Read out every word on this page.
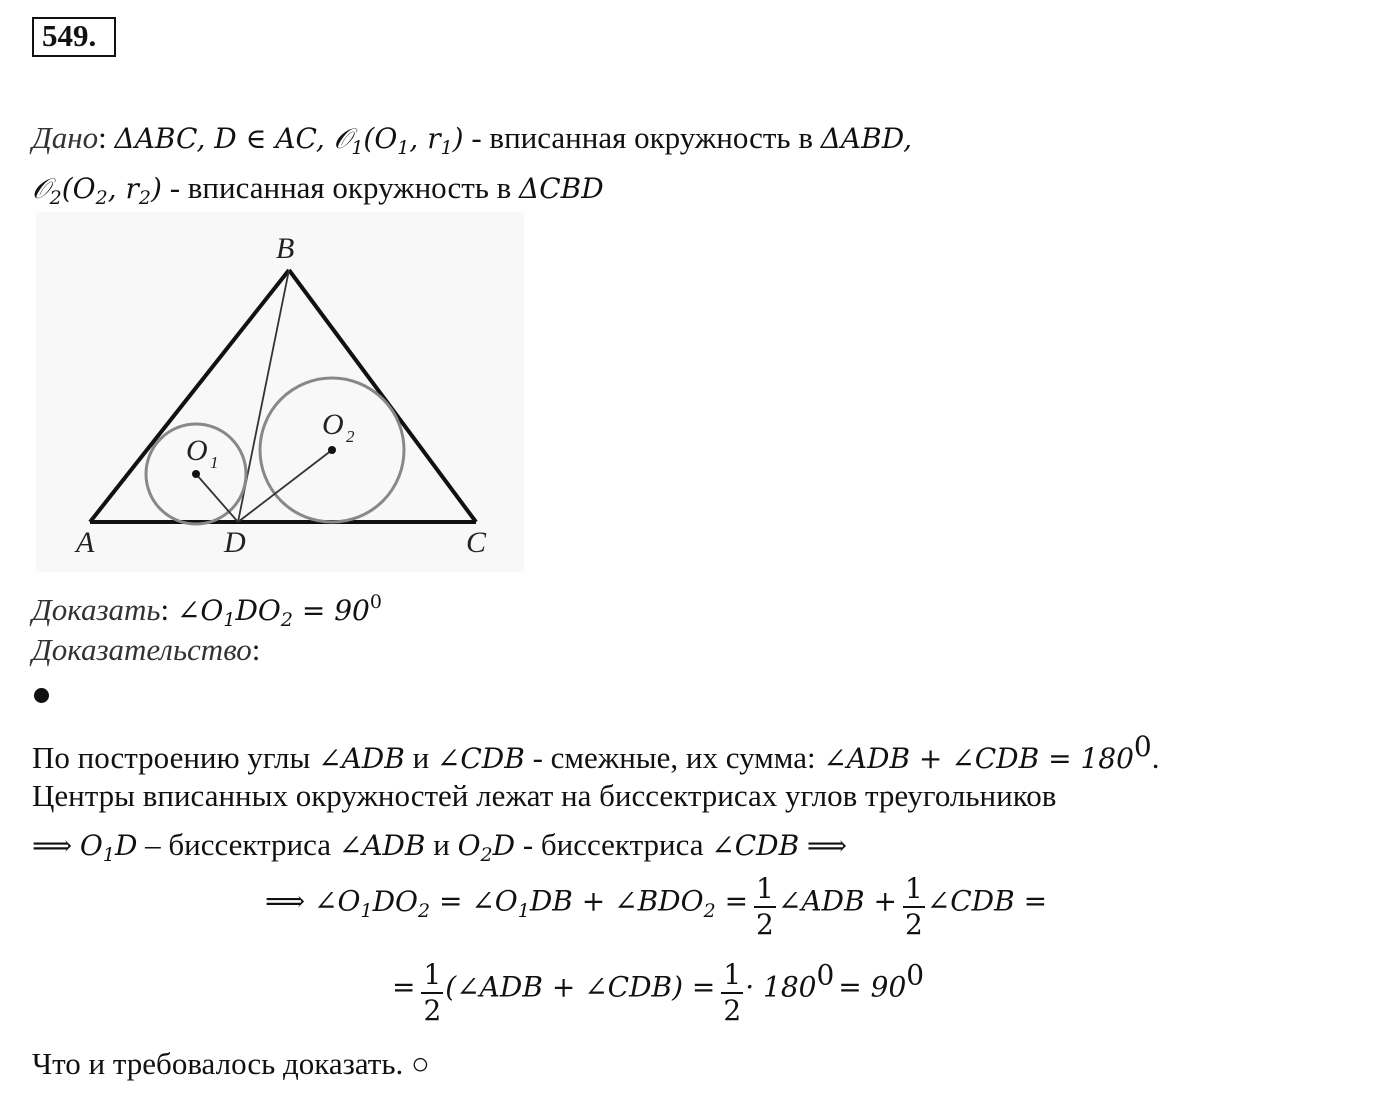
549.
Дано: ΔABC, D ∈ AC, $𝒪_1(O_1$, $r_1$) - вписанная окружность в ΔABD,
$𝒪_2(O_2$, $r_2$) - вписанная окружность в ΔCBD
B
A	D	C
O 1
O 2
Доказать: $\angle O_1DO_2 = 90^0$
Доказательство:
По построению углы ∠ADB и ∠CDB - смежные, их сумма: ∠ADB + ∠CDB = $180^0$.
Центры вписанных окружностей лежат на биссектрисах углов треугольников
⟹ $O_1D$ – биссектриса ∠ADB и $O_2D$ - биссектриса ∠CDB ⟹
⟹ $\angle O_1DO_2$ = $\angle O_1DB$ + $\angle BDO_2 = \frac{1}{2}$ ∠ADB + $\frac{1}{2}$ ∠CDB =
= $\frac{1}{2}$ (∠ADB + ∠CDB) = $\frac{1}{2} \cdot 180^0 = 90^0$
Что и требовалось доказать. ○
